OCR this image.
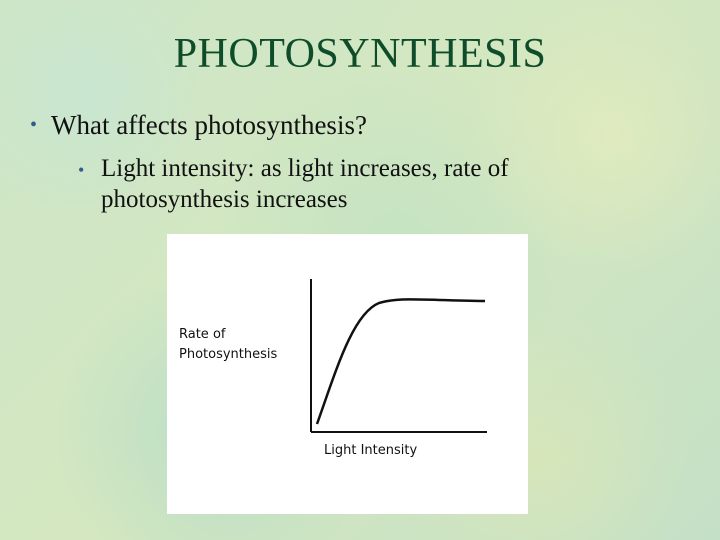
PHOTOSYNTHESIS
• What affects photosynthesis?
• Light intensity: as light increases, rate of photosynthesis increases
Rate of
Photosynthesis
Light Intensity
